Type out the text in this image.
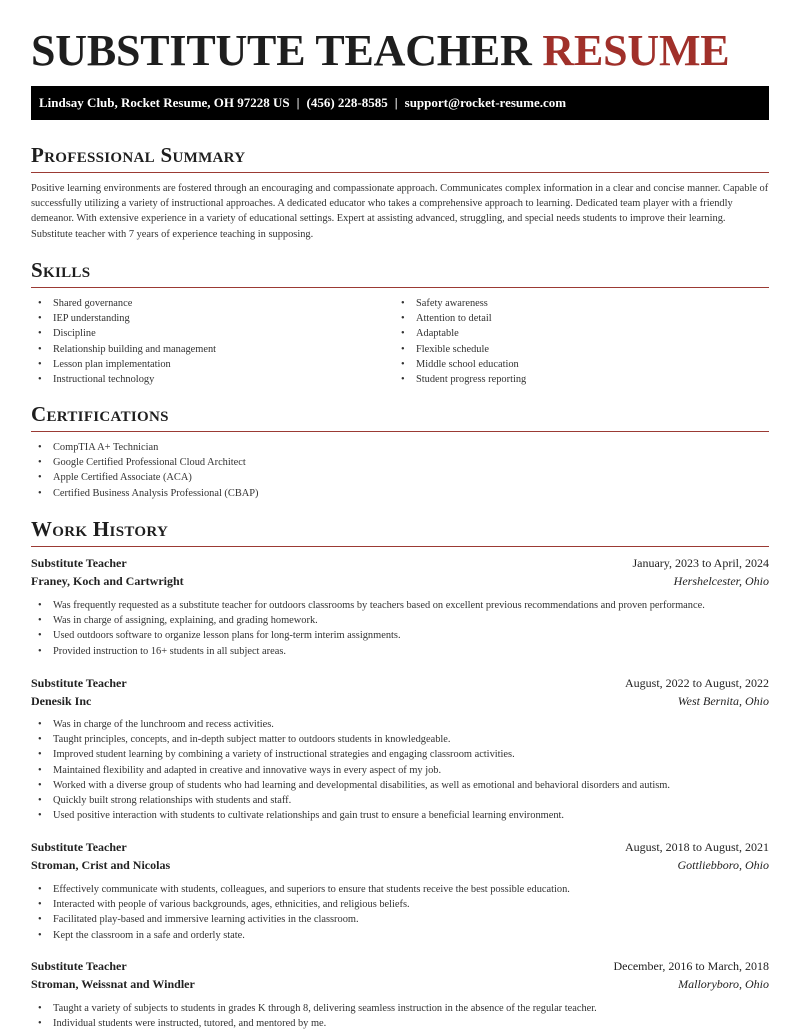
SUBSTITUTE TEACHER RESUME
Lindsay Club, Rocket Resume, OH 97228 US | (456) 228-8585 | support@rocket-resume.com
Professional Summary

Positive learning environments are fostered through an encouraging and compassionate approach. Communicates complex information in a clear and concise manner. Capable of successfully utilizing a variety of instructional approaches. A dedicated educator who takes a comprehensive approach to learning. Dedicated team player with a friendly demeanor. With extensive experience in a variety of educational settings. Expert at assisting advanced, struggling, and special needs students to improve their learning. Substitute teacher with 7 years of experience teaching in supposing.

Skills
• Shared governance
• IEP understanding
• Discipline
• Relationship building and management
• Lesson plan implementation
• Instructional technology
• Safety awareness
• Attention to detail
• Adaptable
• Flexible schedule
• Middle school education
• Student progress reporting
Certifications
• CompTIA A+ Technician
• Google Certified Professional Cloud Architect
• Apple Certified Associate (ACA)
• Certified Business Analysis Professional (CBAP)
Work History
Substitute Teacher	January, 2023 to April, 2024
Franey, Koch and Cartwright	Hershelcester, Ohio
• Was frequently requested as a substitute teacher for outdoors classrooms by teachers based on excellent previous recommendations and proven performance.
• Was in charge of assigning, explaining, and grading homework.
• Used outdoors software to organize lesson plans for long-term interim assignments.
• Provided instruction to 16+ students in all subject areas.
Substitute Teacher	August, 2022 to August, 2022
Denesik Inc	West Bernita, Ohio
• Was in charge of the lunchroom and recess activities.
• Taught principles, concepts, and in-depth subject matter to outdoors students in knowledgeable.
• Improved student learning by combining a variety of instructional strategies and engaging classroom activities.
• Maintained flexibility and adapted in creative and innovative ways in every aspect of my job.
• Worked with a diverse group of students who had learning and developmental disabilities, as well as emotional and behavioral disorders and autism.
• Quickly built strong relationships with students and staff.
• Used positive interaction with students to cultivate relationships and gain trust to ensure a beneficial learning environment.
Substitute Teacher	August, 2018 to August, 2021
Stroman, Crist and Nicolas	Gottliebboro, Ohio
• Effectively communicate with students, colleagues, and superiors to ensure that students receive the best possible education.
• Interacted with people of various backgrounds, ages, ethnicities, and religious beliefs.
• Facilitated play-based and immersive learning activities in the classroom.
• Kept the classroom in a safe and orderly state.
Substitute Teacher	December, 2016 to March, 2018
Stroman, Weissnat and Windler	Malloryboro, Ohio
• Taught a variety of subjects to students in grades K through 8, delivering seamless instruction in the absence of the regular teacher.
• Individual students were instructed, tutored, and mentored by me.
